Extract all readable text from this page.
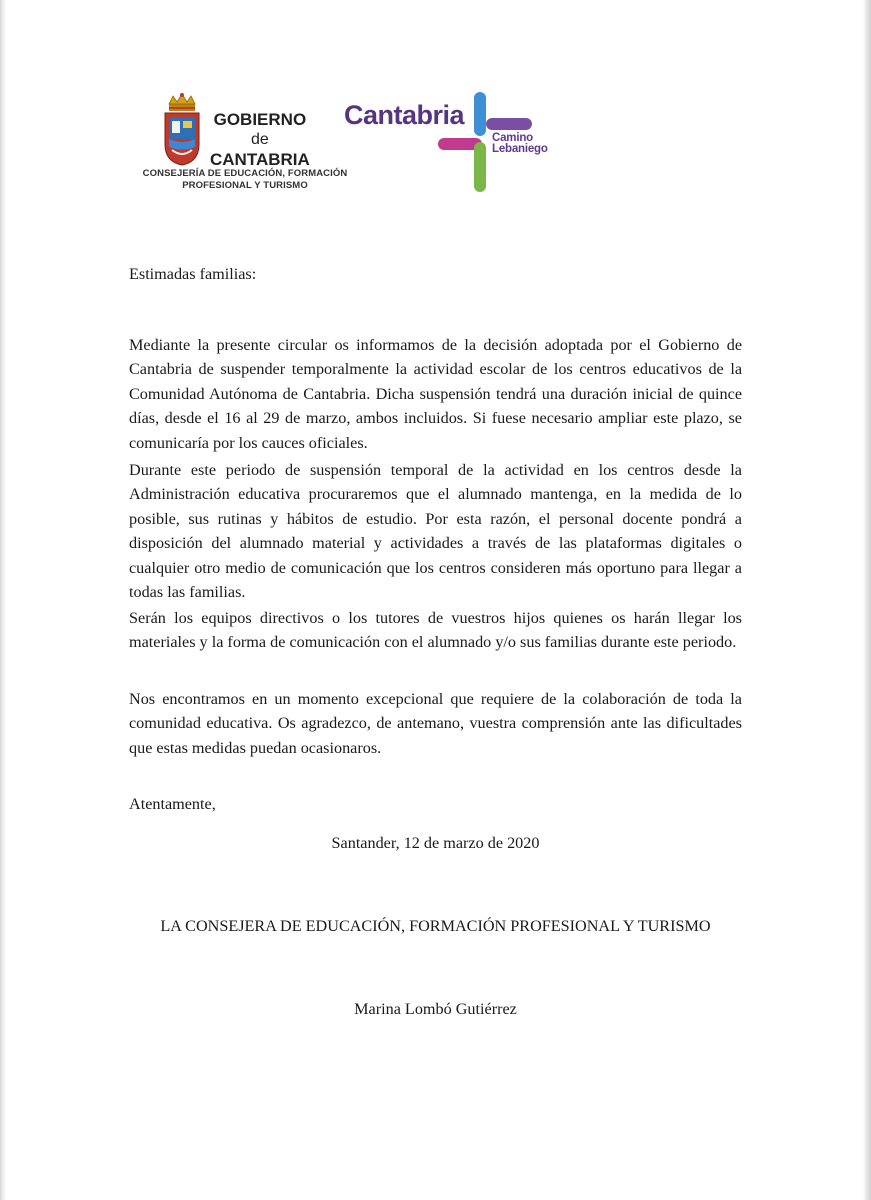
GOBIERNO
de
CANTABRIA
CONSEJERÍA DE EDUCACIÓN, FORMACIÓN
PROFESIONAL Y TURISMO
Cantabria
Camino
Lebaniego
Estimadas familias:

Mediante la presente circular os informamos de la decisión adoptada por el Gobierno de Cantabria de suspender temporalmente la actividad escolar de los centros educativos de la Comunidad Autónoma de Cantabria. Dicha suspensión tendrá una duración inicial de quince días, desde el 16 al 29 de marzo, ambos incluidos. Si fuese necesario ampliar este plazo, se comunicaría por los cauces oficiales.

Durante este periodo de suspensión temporal de la actividad en los centros desde la Administración educativa procuraremos que el alumnado mantenga, en la medida de lo posible, sus rutinas y hábitos de estudio. Por esta razón, el personal docente pondrá a disposición del alumnado material y actividades a través de las plataformas digitales o cualquier otro medio de comunicación que los centros consideren más oportuno para llegar a todas las familias.

Serán los equipos directivos o los tutores de vuestros hijos quienes os harán llegar los materiales y la forma de comunicación con el alumnado y/o sus familias durante este periodo.

Nos encontramos en un momento excepcional que requiere de la colaboración de toda la comunidad educativa. Os agradezco, de antemano, vuestra comprensión ante las dificultades que estas medidas puedan ocasionaros.

Atentamente,
Santander, 12 de marzo de 2020
LA CONSEJERA DE EDUCACIÓN, FORMACIÓN PROFESIONAL Y TURISMO
Marina Lombó Gutiérrez
